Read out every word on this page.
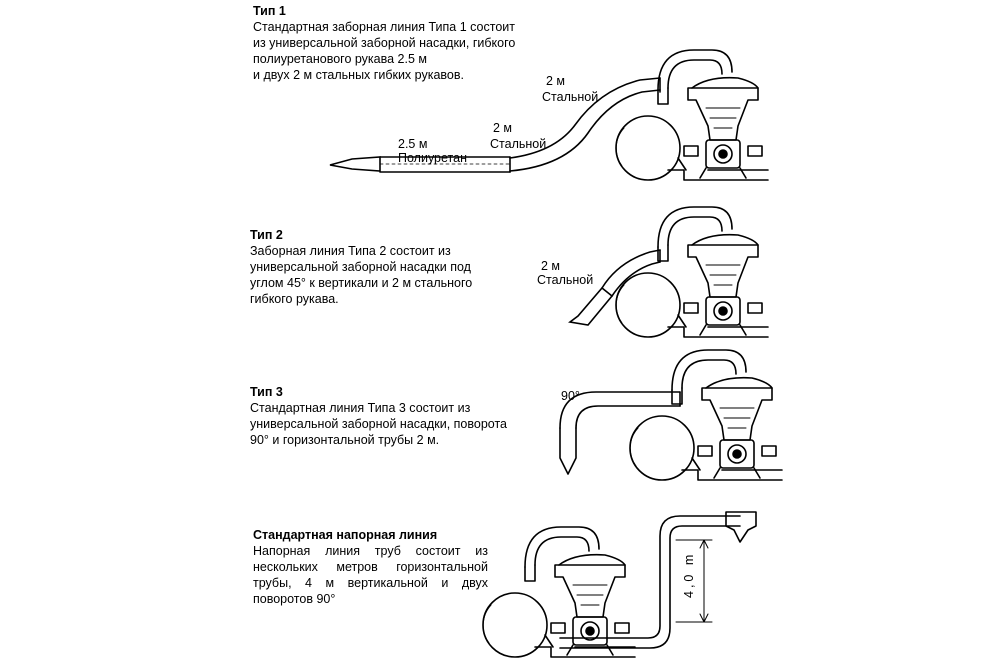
Тип 1
Стандартная заборная линия Типа 1 состоит
из универсальной заборной насадки, гибкого
полиуретанового рукава 2.5 м
и двух 2 м стальных гибких рукавов.
Тип 2
Заборная линия Типа 2 состоит из
универсальной заборной насадки под
углом 45° к вертикали и 2 м стального
гибкого рукава.
Тип 3
Стандартная линия Типа 3 состоит из
универсальной заборной насадки, поворота
90° и горизонтальной трубы 2 м.
Стандартная напорная линия
Напорная линия труб состоит из
нескольких метров горизонтальной
трубы, 4 м вертикальной и двух
поворотов 90°
2 м
Стальной
2 м
Стальной
2.5 м
Полиуретан
2 м
Стальной
90°
4,0 m
